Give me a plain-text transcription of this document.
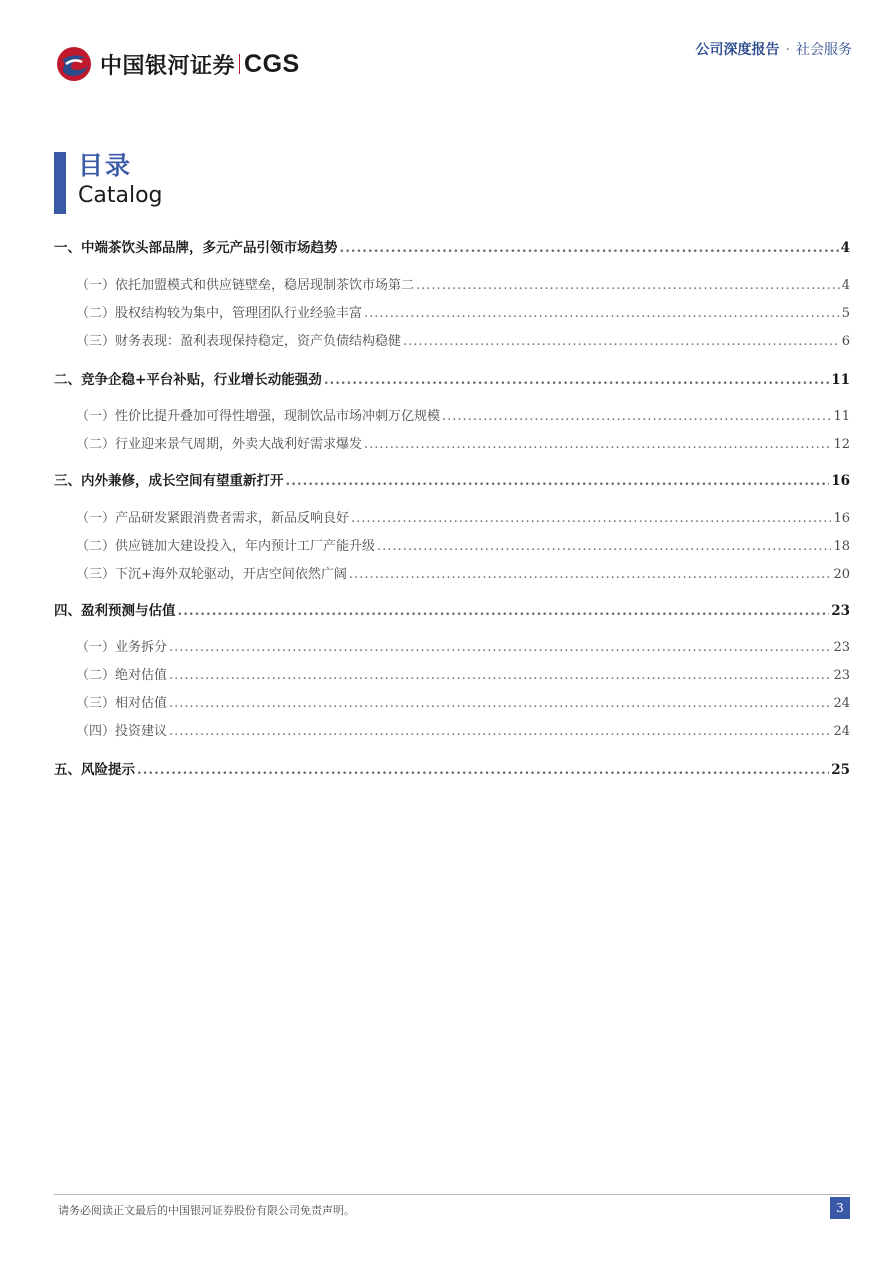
中国银河证券 CGS	公司深度报告 · 社会服务
目录
Catalog
一、 中端茶饮头部品牌，多元产品引领市场趋势 .....	4
（一） 依托加盟模式和供应链壁垒，稳居现制茶饮市场第二 .....	4
（二） 股权结构较为集中，管理团队行业经验丰富 .....	5
（三） 财务表现：盈利表现保持稳定，资产负债结构稳健 .....	6
二、 竞争企稳+平台补贴，行业增长动能强劲 .....	11
（一） 性价比提升叠加可得性增强，现制饮品市场冲刺万亿规模 .....	11
（二） 行业迎来景气周期，外卖大战利好需求爆发 .....	12
三、 内外兼修，成长空间有望重新打开 .....	16
（一） 产品研发紧跟消费者需求，新品反响良好 .....	16
（二） 供应链加大建设投入，年内预计工厂产能升级 .....	18
（三） 下沉+海外双轮驱动，开店空间依然广阔 .....	20
四、 盈利预测与估值 .....	23
（一） 业务拆分 .....	23
（二） 绝对估值 .....	23
（三） 相对估值 .....	24
（四） 投资建议 .....	24
五、 风险提示 .....	25
请务必阅读正文最后的中国银河证券股份有限公司免责声明。	3
